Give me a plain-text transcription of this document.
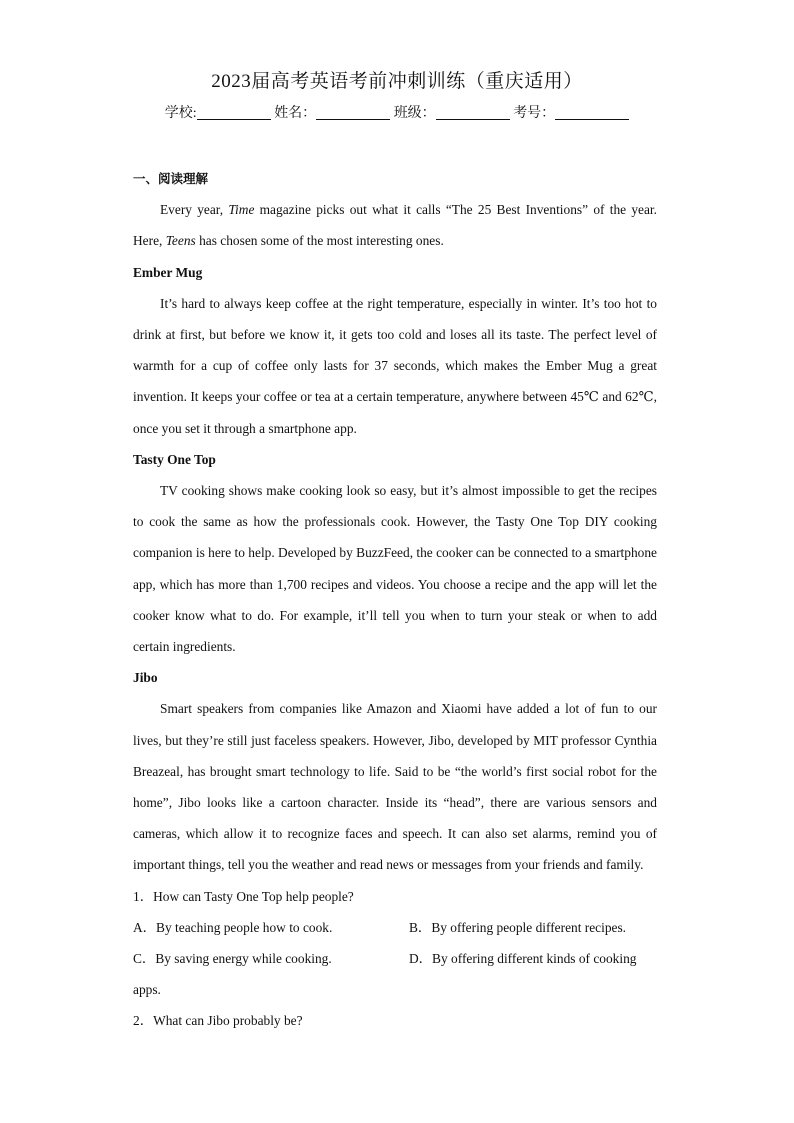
2023届高考英语考前冲刺训练（重庆适用）
学校:	姓名：	班级：	考号：

一、阅读理解

Every year, Time magazine picks out what it calls “The 25 Best Inventions” of the year. Here, Teens has chosen some of the most interesting ones.

Ember Mug

It’s hard to always keep coffee at the right temperature, especially in winter. It’s too hot to drink at first, but before we know it, it gets too cold and loses all its taste. The perfect level of warmth for a cup of coffee only lasts for 37 seconds, which makes the Ember Mug a great invention. It keeps your coffee or tea at a certain temperature, anywhere between 45℃ and 62℃, once you set it through a smartphone app.

Tasty One Top

TV cooking shows make cooking look so easy, but it’s almost impossible to get the recipes to cook the same as how the professionals cook. However, the Tasty One Top DIY cooking companion is here to help. Developed by BuzzFeed, the cooker can be connected to a smartphone app, which has more than 1,700 recipes and videos. You choose a recipe and the app will let the cooker know what to do. For example, it’ll tell you when to turn your steak or when to add certain ingredients.

Jibo

Smart speakers from companies like Amazon and Xiaomi have added a lot of fun to our lives, but they’re still just faceless speakers. However, Jibo, developed by MIT professor Cynthia Breazeal, has brought smart technology to life. Said to be “the world’s first social robot for the home”, Jibo looks like a cartoon character. Inside its “head”, there are various sensors and cameras, which allow it to recognize faces and speech. It can also set alarms, remind you of important things, tell you the weather and read news or messages from your friends and family.

1．How can Tasty One Top help people?

A．By teaching people how to cook.	B．By offering people different recipes.
C．By saving energy while cooking.	D．By offering different kinds of cooking

apps.

2．What can Jibo probably be?
